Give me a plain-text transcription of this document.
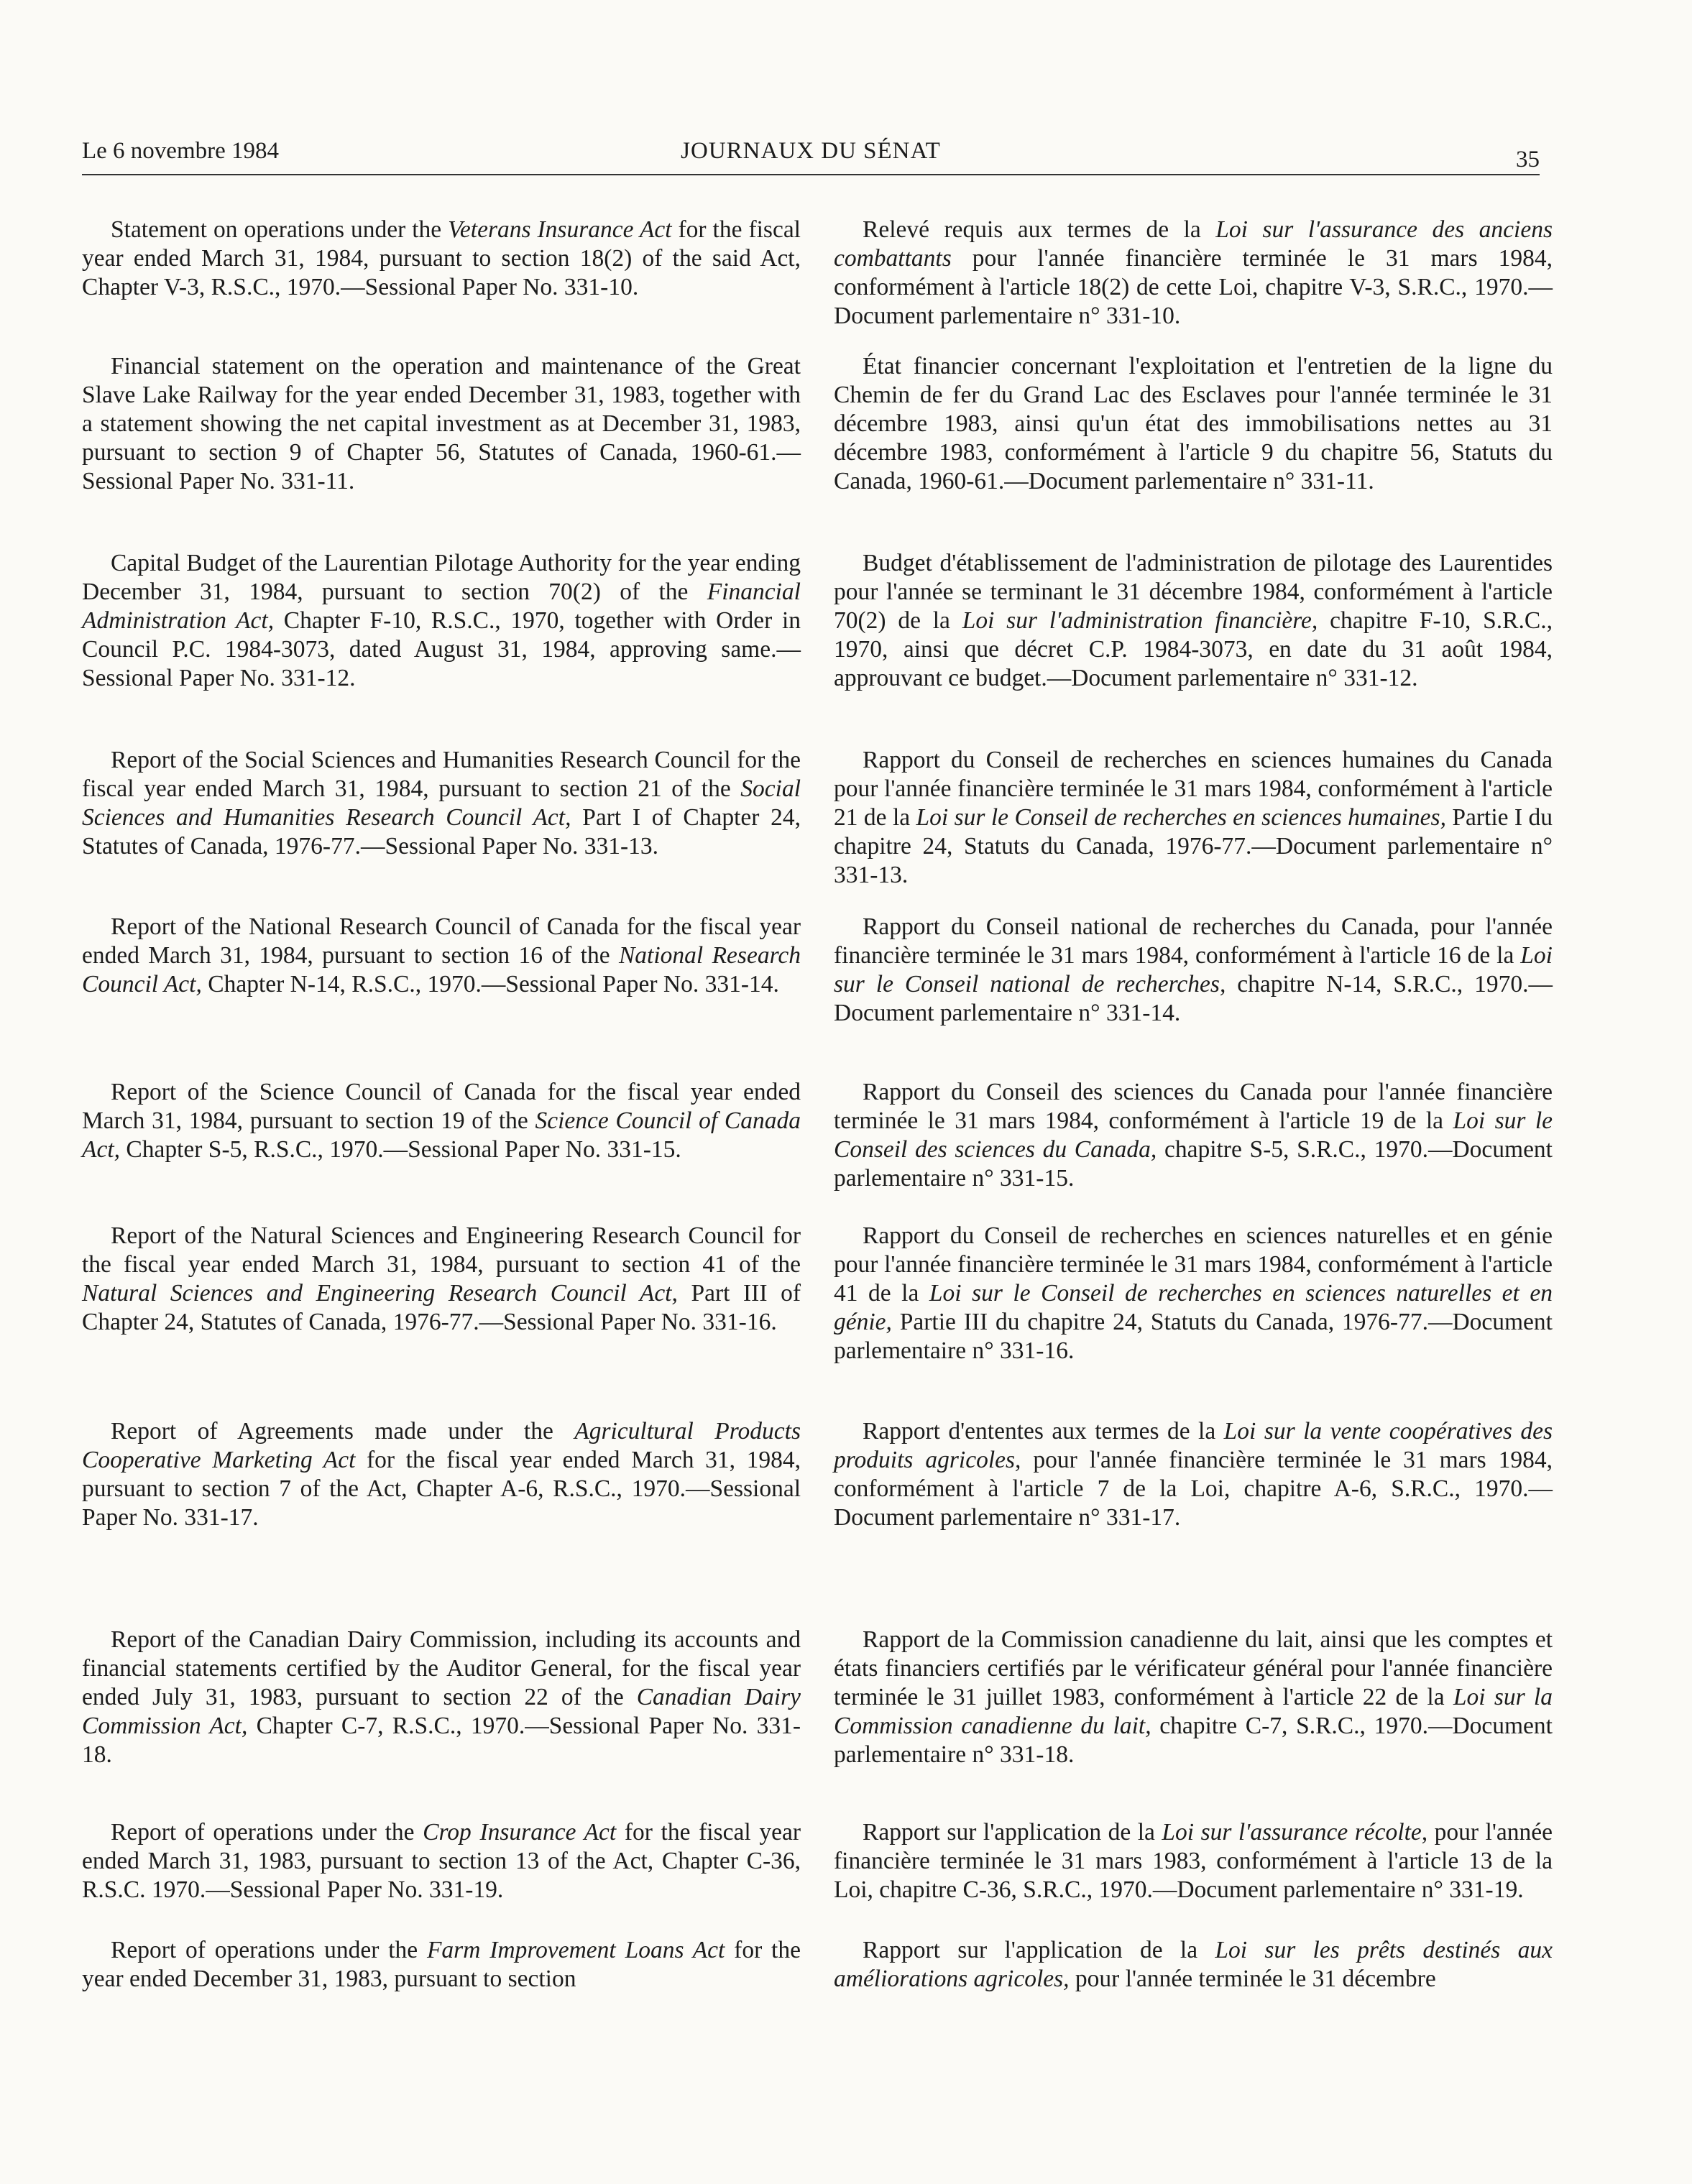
Le 6 novembre 1984	JOURNAUX DU SÉNAT	35

Statement on operations under the Veterans Insurance Act for the fiscal year ended March 31, 1984, pursuant to section 18(2) of the said Act, Chapter V-3, R.S.C., 1970.—Sessional Paper No. 331-10.

Financial statement on the operation and maintenance of the Great Slave Lake Railway for the year ended December 31, 1983, together with a statement showing the net capital investment as at December 31, 1983, pursuant to section 9 of Chapter 56, Statutes of Canada, 1960-61.—Sessional Paper No. 331-11.

Capital Budget of the Laurentian Pilotage Authority for the year ending December 31, 1984, pursuant to section 70(2) of the Financial Administration Act, Chapter F-10, R.S.C., 1970, together with Order in Council P.C. 1984-3073, dated August 31, 1984, approving same.—Sessional Paper No. 331-12.

Report of the Social Sciences and Humanities Research Council for the fiscal year ended March 31, 1984, pursuant to section 21 of the Social Sciences and Humanities Research Council Act, Part I of Chapter 24, Statutes of Canada, 1976-77.—Sessional Paper No. 331-13.

Report of the National Research Council of Canada for the fiscal year ended March 31, 1984, pursuant to section 16 of the National Research Council Act, Chapter N-14, R.S.C., 1970.—Sessional Paper No. 331-14.

Report of the Science Council of Canada for the fiscal year ended March 31, 1984, pursuant to section 19 of the Science Council of Canada Act, Chapter S-5, R.S.C., 1970.—Sessional Paper No. 331-15.

Report of the Natural Sciences and Engineering Research Council for the fiscal year ended March 31, 1984, pursuant to section 41 of the Natural Sciences and Engineering Research Council Act, Part III of Chapter 24, Statutes of Canada, 1976-77.—Sessional Paper No. 331-16.

Report of Agreements made under the Agricultural Products Cooperative Marketing Act for the fiscal year ended March 31, 1984, pursuant to section 7 of the Act, Chapter A-6, R.S.C., 1970.—Sessional Paper No. 331-17.

Report of the Canadian Dairy Commission, including its accounts and financial statements certified by the Auditor General, for the fiscal year ended July 31, 1983, pursuant to section 22 of the Canadian Dairy Commission Act, Chapter C-7, R.S.C., 1970.—Sessional Paper No. 331-18.

Report of operations under the Crop Insurance Act for the fiscal year ended March 31, 1983, pursuant to section 13 of the Act, Chapter C-36, R.S.C. 1970.—Sessional Paper No. 331-19.

Report of operations under the Farm Improvement Loans Act for the year ended December 31, 1983, pursuant to section

Relevé requis aux termes de la Loi sur l'assurance des anciens combattants pour l'année financière terminée le 31 mars 1984, conformément à l'article 18(2) de cette Loi, chapitre V-3, S.R.C., 1970.—Document parlementaire n° 331-10.

État financier concernant l'exploitation et l'entretien de la ligne du Chemin de fer du Grand Lac des Esclaves pour l'année terminée le 31 décembre 1983, ainsi qu'un état des immobilisations nettes au 31 décembre 1983, conformément à l'article 9 du chapitre 56, Statuts du Canada, 1960-61.—Document parlementaire n° 331-11.

Budget d'établissement de l'administration de pilotage des Laurentides pour l'année se terminant le 31 décembre 1984, conformément à l'article 70(2) de la Loi sur l'administration financière, chapitre F-10, S.R.C., 1970, ainsi que décret C.P. 1984-3073, en date du 31 août 1984, approuvant ce budget.—Document parlementaire n° 331-12.

Rapport du Conseil de recherches en sciences humaines du Canada pour l'année financière terminée le 31 mars 1984, conformément à l'article 21 de la Loi sur le Conseil de recherches en sciences humaines, Partie I du chapitre 24, Statuts du Canada, 1976-77.—Document parlementaire n° 331-13.

Rapport du Conseil national de recherches du Canada, pour l'année financière terminée le 31 mars 1984, conformément à l'article 16 de la Loi sur le Conseil national de recherches, chapitre N-14, S.R.C., 1970.—Document parlementaire n° 331-14.

Rapport du Conseil des sciences du Canada pour l'année financière terminée le 31 mars 1984, conformément à l'article 19 de la Loi sur le Conseil des sciences du Canada, chapitre S-5, S.R.C., 1970.—Document parlementaire n° 331-15.

Rapport du Conseil de recherches en sciences naturelles et en génie pour l'année financière terminée le 31 mars 1984, conformément à l'article 41 de la Loi sur le Conseil de recherches en sciences naturelles et en génie, Partie III du chapitre 24, Statuts du Canada, 1976-77.—Document parlementaire n° 331-16.

Rapport d'ententes aux termes de la Loi sur la vente coopératives des produits agricoles, pour l'année financière terminée le 31 mars 1984, conformément à l'article 7 de la Loi, chapitre A-6, S.R.C., 1970.—Document parlementaire n° 331-17.

Rapport de la Commission canadienne du lait, ainsi que les comptes et états financiers certifiés par le vérificateur général pour l'année financière terminée le 31 juillet 1983, conformément à l'article 22 de la Loi sur la Commission canadienne du lait, chapitre C-7, S.R.C., 1970.—Document parlementaire n° 331-18.

Rapport sur l'application de la Loi sur l'assurance récolte, pour l'année financière terminée le 31 mars 1983, conformément à l'article 13 de la Loi, chapitre C-36, S.R.C., 1970.—Document parlementaire n° 331-19.

Rapport sur l'application de la Loi sur les prêts destinés aux améliorations agricoles, pour l'année terminée le 31 décembre
